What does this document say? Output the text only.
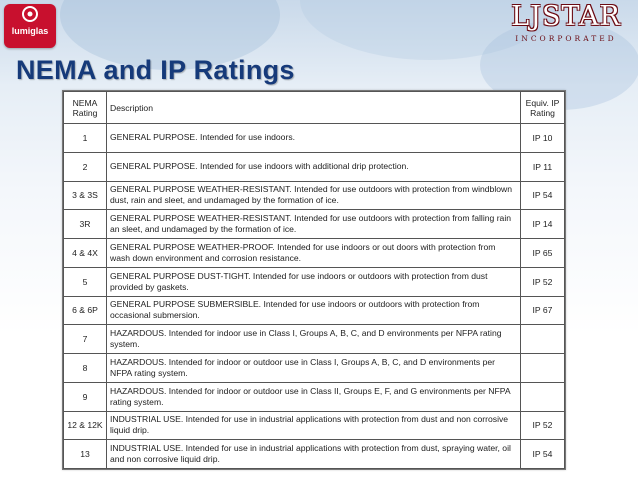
lumiglas	LJSTAR
INCORPORATED
NEMA and IP Ratings
NEMA Rating	Description	Equiv. IP Rating
1	GENERAL PURPOSE. Intended for use indoors.	IP 10
2	GENERAL PURPOSE. Intended for use indoors with additional drip protection.	IP 11
3 & 3S	GENERAL PURPOSE WEATHER-RESISTANT. Intended for use outdoors with protection from windblown dust, rain and sleet, and undamaged by the formation of ice.	IP 54
3R	GENERAL PURPOSE WEATHER-RESISTANT. Intended for use outdoors with protection from falling rain an sleet, and undamaged by the formation of ice.	IP 14
4 & 4X	GENERAL PURPOSE WEATHER-PROOF. Intended for use indoors or out doors with protection from wash down environment and corrosion resistance.	IP 65
5	GENERAL PURPOSE DUST-TIGHT. Intended for use indoors or outdoors with protection from dust provided by gaskets.	IP 52
6 & 6P	GENERAL PURPOSE SUBMERSIBLE. Intended for use indoors or outdoors with protection from occasional submersion.	IP 67
7	HAZARDOUS. Intended for indoor use in Class I, Groups A, B, C, and D environments per NFPA rating system.	
8	HAZARDOUS. Intended for indoor or outdoor use in Class I, Groups A, B, C, and D environments per NFPA rating system.	
9	HAZARDOUS. Intended for indoor or outdoor use in Class II, Groups E, F, and G environments per NFPA rating system.	
12 & 12K	INDUSTRIAL USE. Intended for use in industrial applications with protection from dust and non corrosive liquid drip.	IP 52
13	INDUSTRIAL USE. Intended for use in industrial applications with protection from dust, spraying water, oil and non corrosive liquid drip.	IP 54
